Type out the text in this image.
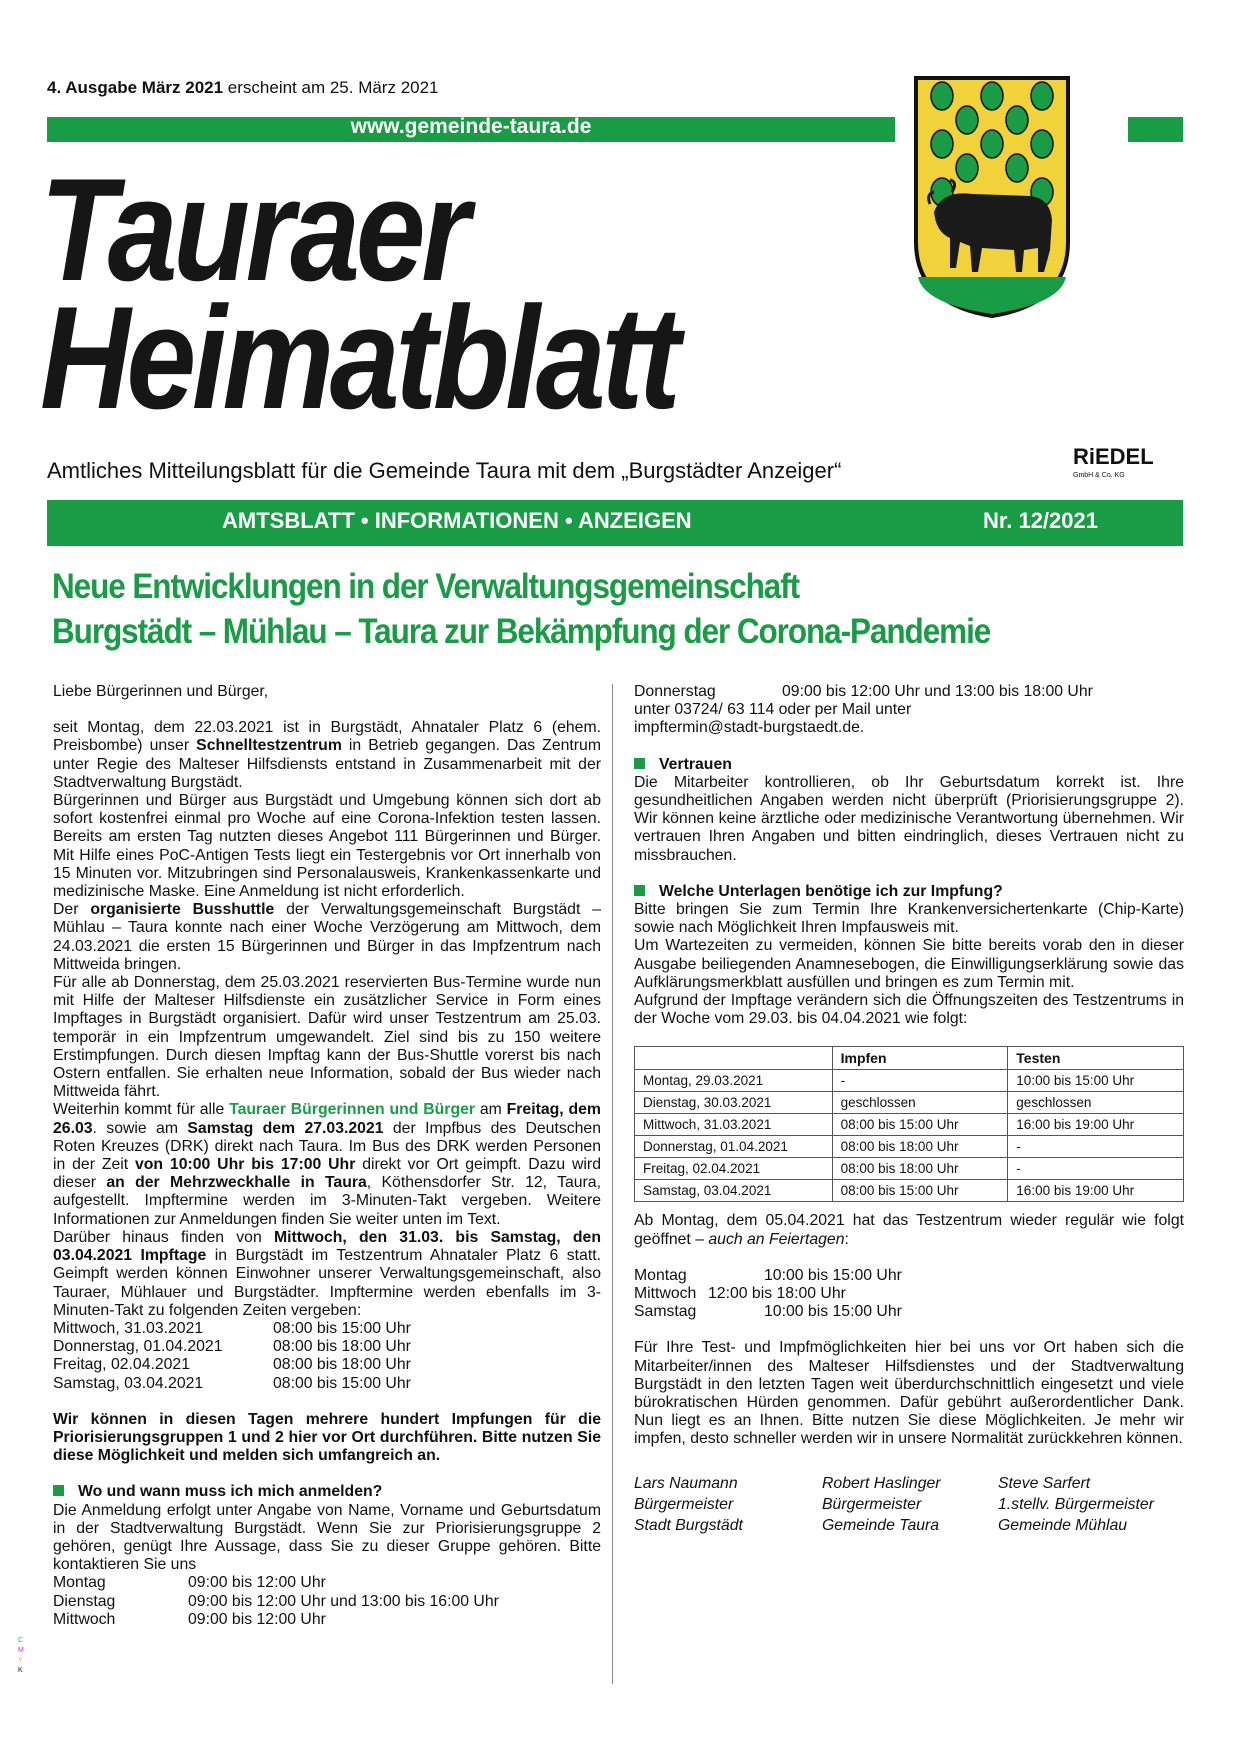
4. Ausgabe März 2021 erscheint am 25. März 2021
www.gemeinde-taura.de
Tauraer
Heimatblatt
Amtliches Mitteilungsblatt für die Gemeinde Taura mit dem „Burgstädter Anzeiger“
RiEDEL
GmbH & Co. KG
AMTSBLATT • INFORMATIONEN • ANZEIGEN	Nr. 12/2021
Neue Entwicklungen in der Verwaltungsgemeinschaft
Burgstädt – Mühlau – Taura zur Bekämpfung der Corona-Pandemie

Liebe Bürgerinnen und Bürger,

seit Montag, dem 22.03.2021 ist in Burgstädt, Ahnataler Platz 6 (ehem. Preisbombe) unser Schnelltestzentrum in Betrieb gegangen. Das Zentrum unter Regie des Malteser Hilfsdiensts entstand in Zusammenarbeit mit der Stadtverwaltung Burgstädt.

Bürgerinnen und Bürger aus Burgstädt und Umgebung können sich dort ab sofort kostenfrei einmal pro Woche auf eine Corona-Infektion testen lassen. Bereits am ersten Tag nutzten dieses Angebot 111 Bürgerinnen und Bürger. Mit Hilfe eines PoC-Antigen Tests liegt ein Testergebnis vor Ort innerhalb von 15 Minuten vor. Mitzubringen sind Personalausweis, Krankenkassenkarte und medizinische Maske. Eine Anmeldung ist nicht erforderlich.

Der organisierte Busshuttle der Verwaltungsgemeinschaft Burgstädt – Mühlau – Taura konnte nach einer Woche Verzögerung am Mittwoch, dem 24.03.2021 die ersten 15 Bürgerinnen und Bürger in das Impfzentrum nach Mittweida bringen.

Für alle ab Donnerstag, dem 25.03.2021 reservierten Bus-Termine wurde nun mit Hilfe der Malteser Hilfsdienste ein zusätzlicher Service in Form eines Impftages in Burgstädt organisiert. Dafür wird unser Testzentrum am 25.03. temporär in ein Impfzentrum umgewandelt. Ziel sind bis zu 150 weitere Erstimpfungen. Durch diesen Impftag kann der Bus-Shuttle vorerst bis nach Ostern entfallen. Sie erhalten neue Information, sobald der Bus wieder nach Mittweida fährt.

Weiterhin kommt für alle Tauraer Bürgerinnen und Bürger am Freitag, dem 26.03. sowie am Samstag dem 27.03.2021 der Impfbus des Deutschen Roten Kreuzes (DRK) direkt nach Taura. Im Bus des DRK werden Personen in der Zeit von 10:00 Uhr bis 17:00 Uhr direkt vor Ort geimpft. Dazu wird dieser an der Mehrzweckhalle in Taura, Köthensdorfer Str. 12, Taura, aufgestellt. Impftermine werden im 3-Minuten-Takt vergeben. Weitere Informationen zur Anmeldungen finden Sie weiter unten im Text.

Darüber hinaus finden von Mittwoch, den 31.03. bis Samstag, den 03.04.2021 Impftage in Burgstädt im Testzentrum Ahnataler Platz 6 statt. Geimpft werden können Einwohner unserer Verwaltungsgemeinschaft, also Tauraer, Mühlauer und Burgstädter. Impftermine werden ebenfalls im 3-Minuten-Takt zu folgenden Zeiten vergeben:

Mittwoch, 31.03.2021	08:00 bis 15:00 Uhr
Donnerstag, 01.04.2021	08:00 bis 18:00 Uhr
Freitag, 02.04.2021	08:00 bis 18:00 Uhr
Samstag, 03.04.2021	08:00 bis 15:00 Uhr

Wir können in diesen Tagen mehrere hundert Impfungen für die Priorisierungsgruppen 1 und 2 hier vor Ort durchführen. Bitte nutzen Sie diese Möglichkeit und melden sich umfangreich an.

Wo und wann muss ich mich anmelden?

Die Anmeldung erfolgt unter Angabe von Name, Vorname und Geburtsdatum in der Stadtverwaltung Burgstädt. Wenn Sie zur Priorisierungsgruppe 2 gehören, genügt Ihre Aussage, dass Sie zu dieser Gruppe gehören. Bitte kontaktieren Sie uns

Montag	09:00 bis 12:00 Uhr
Dienstag	09:00 bis 12:00 Uhr und 13:00 bis 16:00 Uhr
Mittwoch	09:00 bis 12:00 Uhr
Donnerstag	09:00 bis 12:00 Uhr und 13:00 bis 18:00 Uhr

unter 03724/ 63 114 oder per Mail unter

impftermin@stadt-burgstaedt.de.

Vertrauen

Die Mitarbeiter kontrollieren, ob Ihr Geburtsdatum korrekt ist. Ihre gesundheitlichen Angaben werden nicht überprüft (Priorisierungsgruppe 2). Wir können keine ärztliche oder medizinische Verantwortung übernehmen. Wir vertrauen Ihren Angaben und bitten eindringlich, dieses Vertrauen nicht zu missbrauchen.

Welche Unterlagen benötige ich zur Impfung?

Bitte bringen Sie zum Termin Ihre Krankenversichertenkarte (Chip-Karte) sowie nach Möglichkeit Ihren Impfausweis mit.

Um Wartezeiten zu vermeiden, können Sie bitte bereits vorab den in dieser Ausgabe beiliegenden Anamnesebogen, die Einwilligungserklärung sowie das Aufklärungsmerkblatt ausfüllen und bringen es zum Termin mit.

Aufgrund der Impftage verändern sich die Öffnungszeiten des Testzentrums in der Woche vom 29.03. bis 04.04.2021 wie folgt:

	Impfen	Testen
Montag, 29.03.2021	-	10:00 bis 15:00 Uhr
Dienstag, 30.03.2021	geschlossen	geschlossen
Mittwoch, 31.03.2021	08:00 bis 15:00 Uhr	16:00 bis 19:00 Uhr
Donnerstag, 01.04.2021	08:00 bis 18:00 Uhr	-
Freitag, 02.04.2021	08:00 bis 18:00 Uhr	-
Samstag, 03.04.2021	08:00 bis 15:00 Uhr	16:00 bis 19:00 Uhr

Ab Montag, dem 05.04.2021 hat das Testzentrum wieder regulär wie folgt geöffnet – auch an Feiertagen:

Montag	10:00 bis 15:00 Uhr
Mittwoch 12:00 bis 18:00 Uhr
Samstag	10:00 bis 15:00 Uhr

Für Ihre Test- und Impfmöglichkeiten hier bei uns vor Ort haben sich die Mitarbeiter/innen des Malteser Hilfsdienstes und der Stadtverwaltung Burgstädt in den letzten Tagen weit überdurchschnittlich eingesetzt und viele bürokratischen Hürden genommen. Dafür gebührt außerordentlicher Dank. Nun liegt es an Ihnen. Bitte nutzen Sie diese Möglichkeiten. Je mehr wir impfen, desto schneller werden wir in unsere Normalität zurückkehren können.

Lars Naumann
Bürgermeister
Stadt Burgstädt
Robert Haslinger
Bürgermeister
Gemeinde Taura
Steve Sarfert
1.stellv. Bürgermeister
Gemeinde Mühlau
C
M
Y
K
